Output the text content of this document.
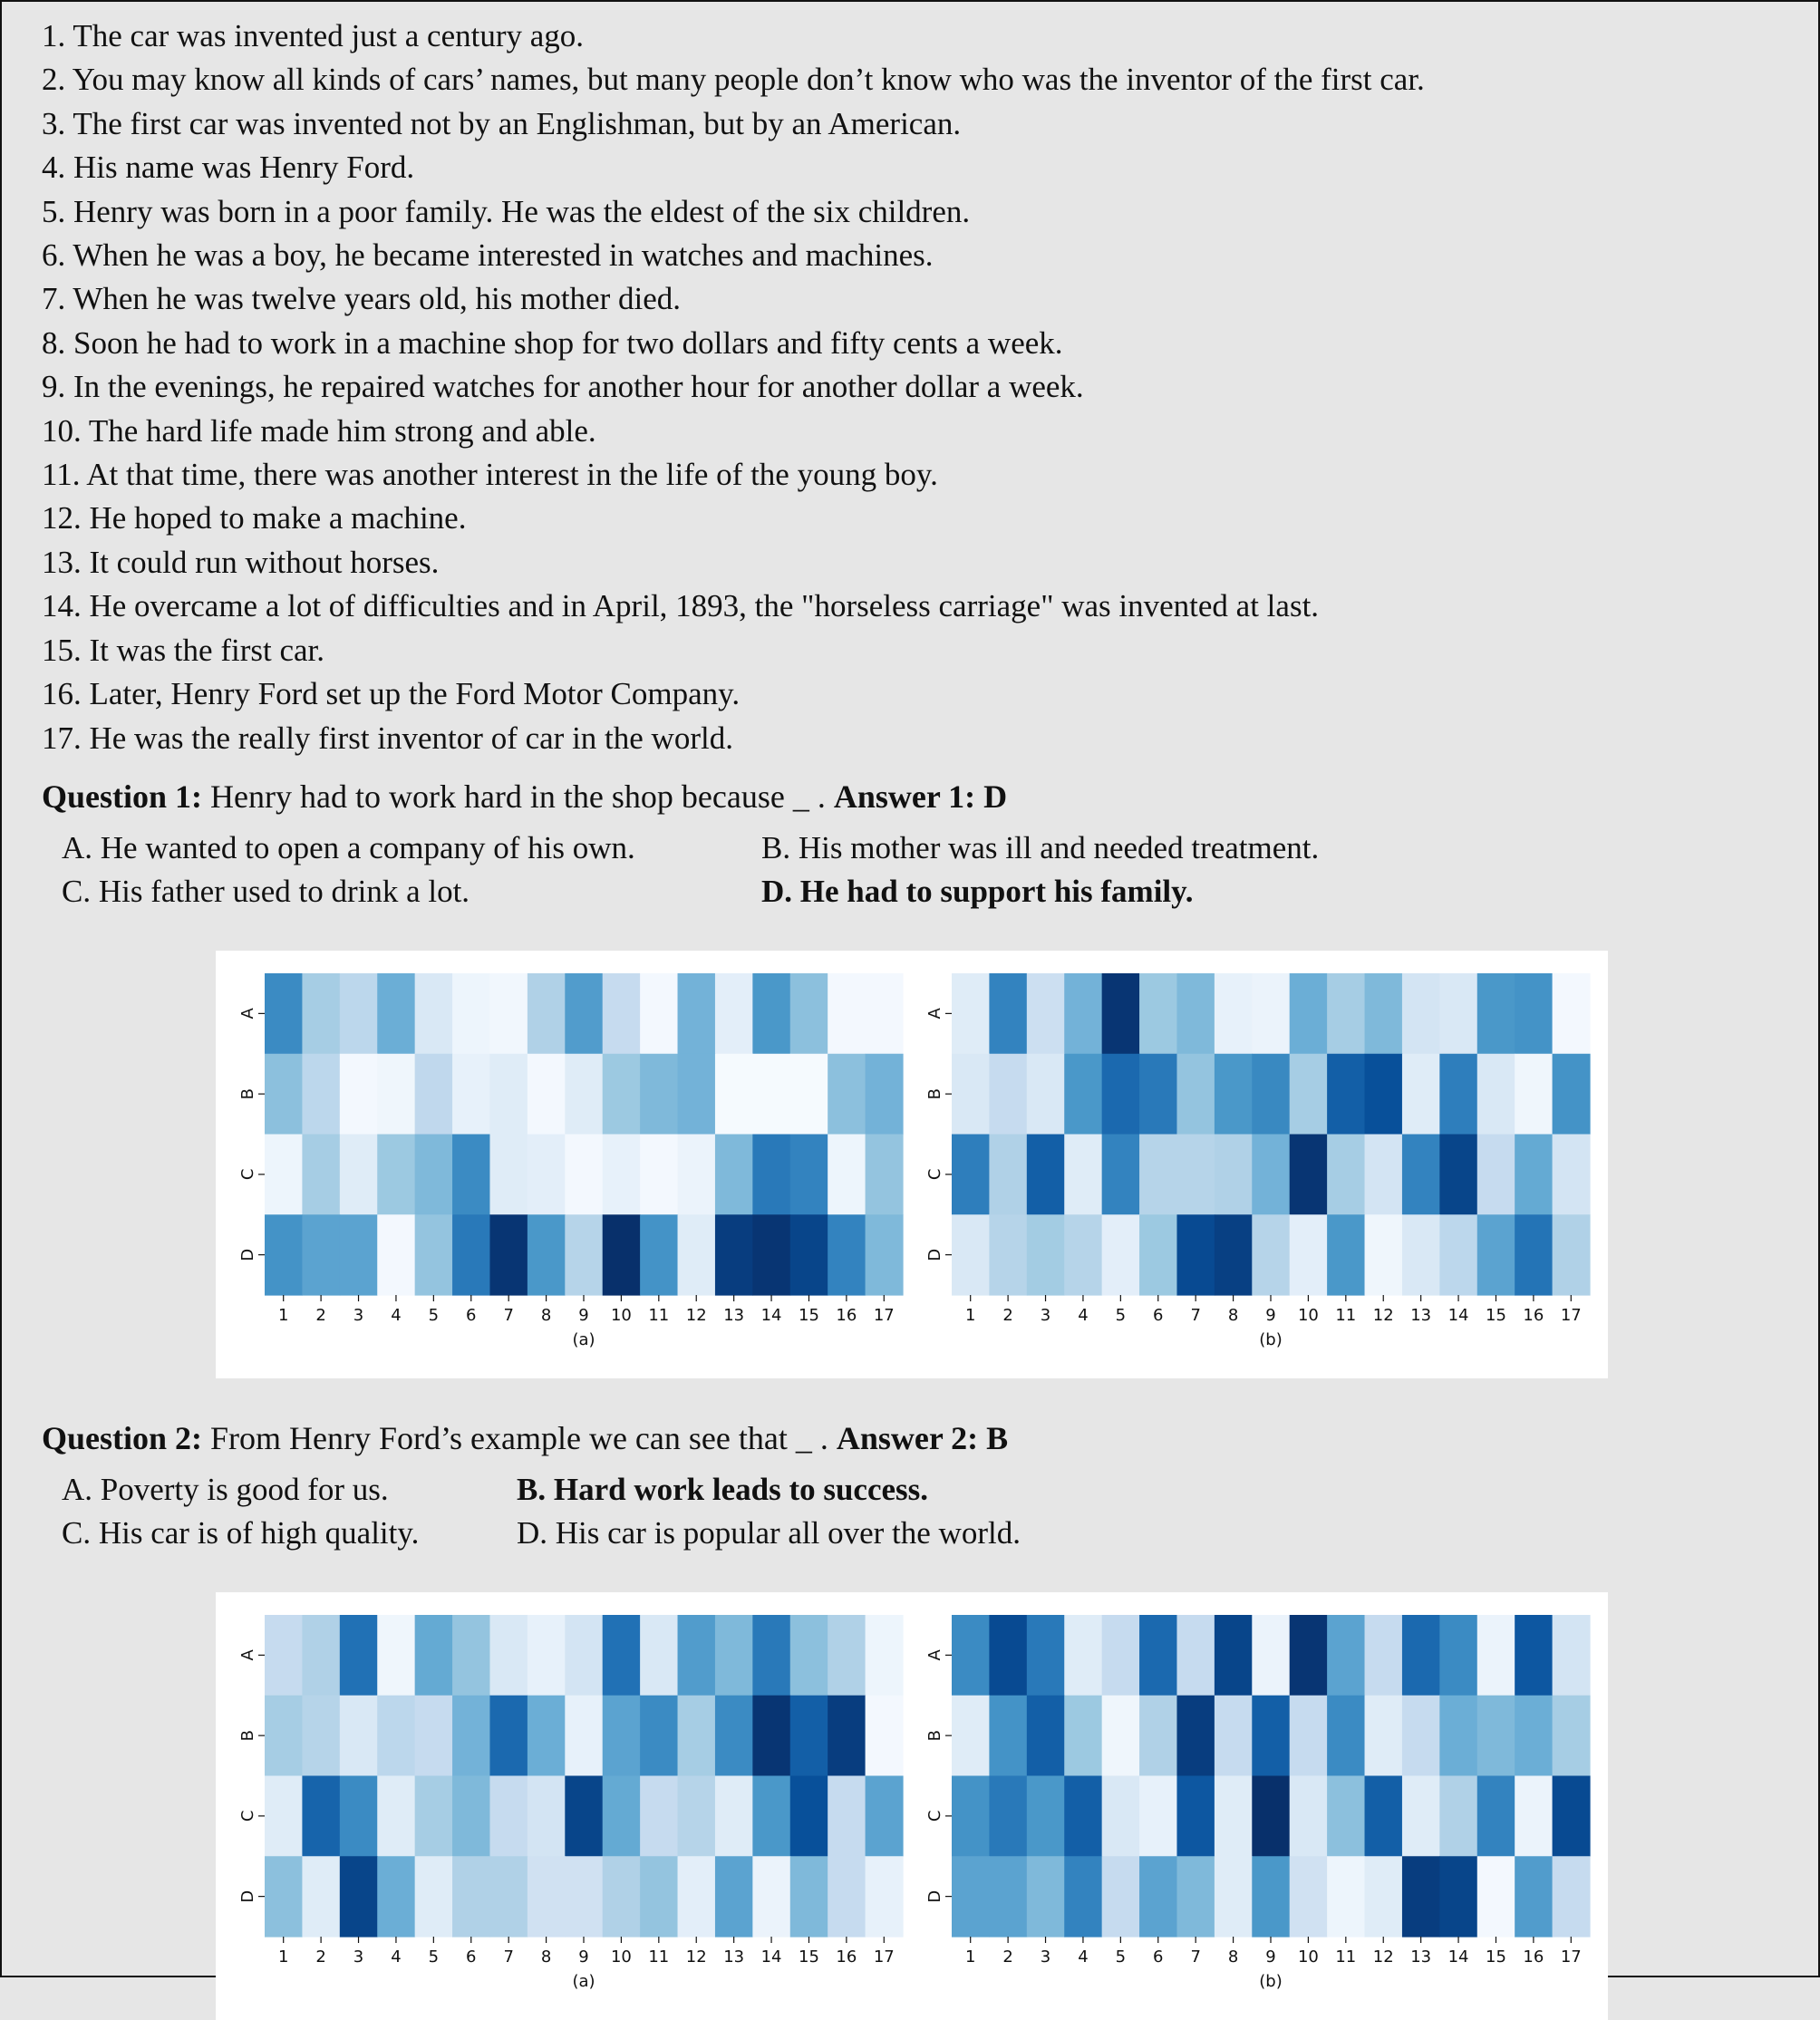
1. The car was invented just a century ago.
2. You may know all kinds of cars’ names, but many people don’t know who was the inventor of the first car.
3. The first car was invented not by an Englishman, but by an American.
4. His name was Henry Ford.
5. Henry was born in a poor family. He was the eldest of the six children.
6. When he was a boy, he became interested in watches and machines.
7. When he was twelve years old, his mother died.
8. Soon he had to work in a machine shop for two dollars and fifty cents a week.
9. In the evenings, he repaired watches for another hour for another dollar a week.
10. The hard life made him strong and able.
11. At that time, there was another interest in the life of the young boy.
12. He hoped to make a machine.
13. It could run without horses.
14. He overcame a lot of difficulties and in April, 1893, the "horseless carriage" was invented at last.
15. It was the first car.
16. Later, Henry Ford set up the Ford Motor Company.
17. He was the really first inventor of car in the world.
Question 1: Henry had to work hard in the shop because _ . Answer 1: D
A. He wanted to open a company of his own.	B. His mother was ill and needed treatment.
C. His father used to drink a lot.	D. He had to support his family.
A
B
C
D
1 2 3 4 5 6 7 8 9 10 11 12 13 14 15 16 17
(a)
A
B
C
D
1 2 3 4 5 6 7 8 9 10 11 12 13 14 15 16 17
(b)
Question 2: From Henry Ford’s example we can see that _ . Answer 2: B
A. Poverty is good for us.	B. Hard work leads to success.
C. His car is of high quality.	D. His car is popular all over the world.
A
B
C
D
1 2 3 4 5 6 7 8 9 10 11 12 13 14 15 16 17
(a)
A
B
C
D
1 2 3 4 5 6 7 8 9 10 11 12 13 14 15 16 17
(b)
